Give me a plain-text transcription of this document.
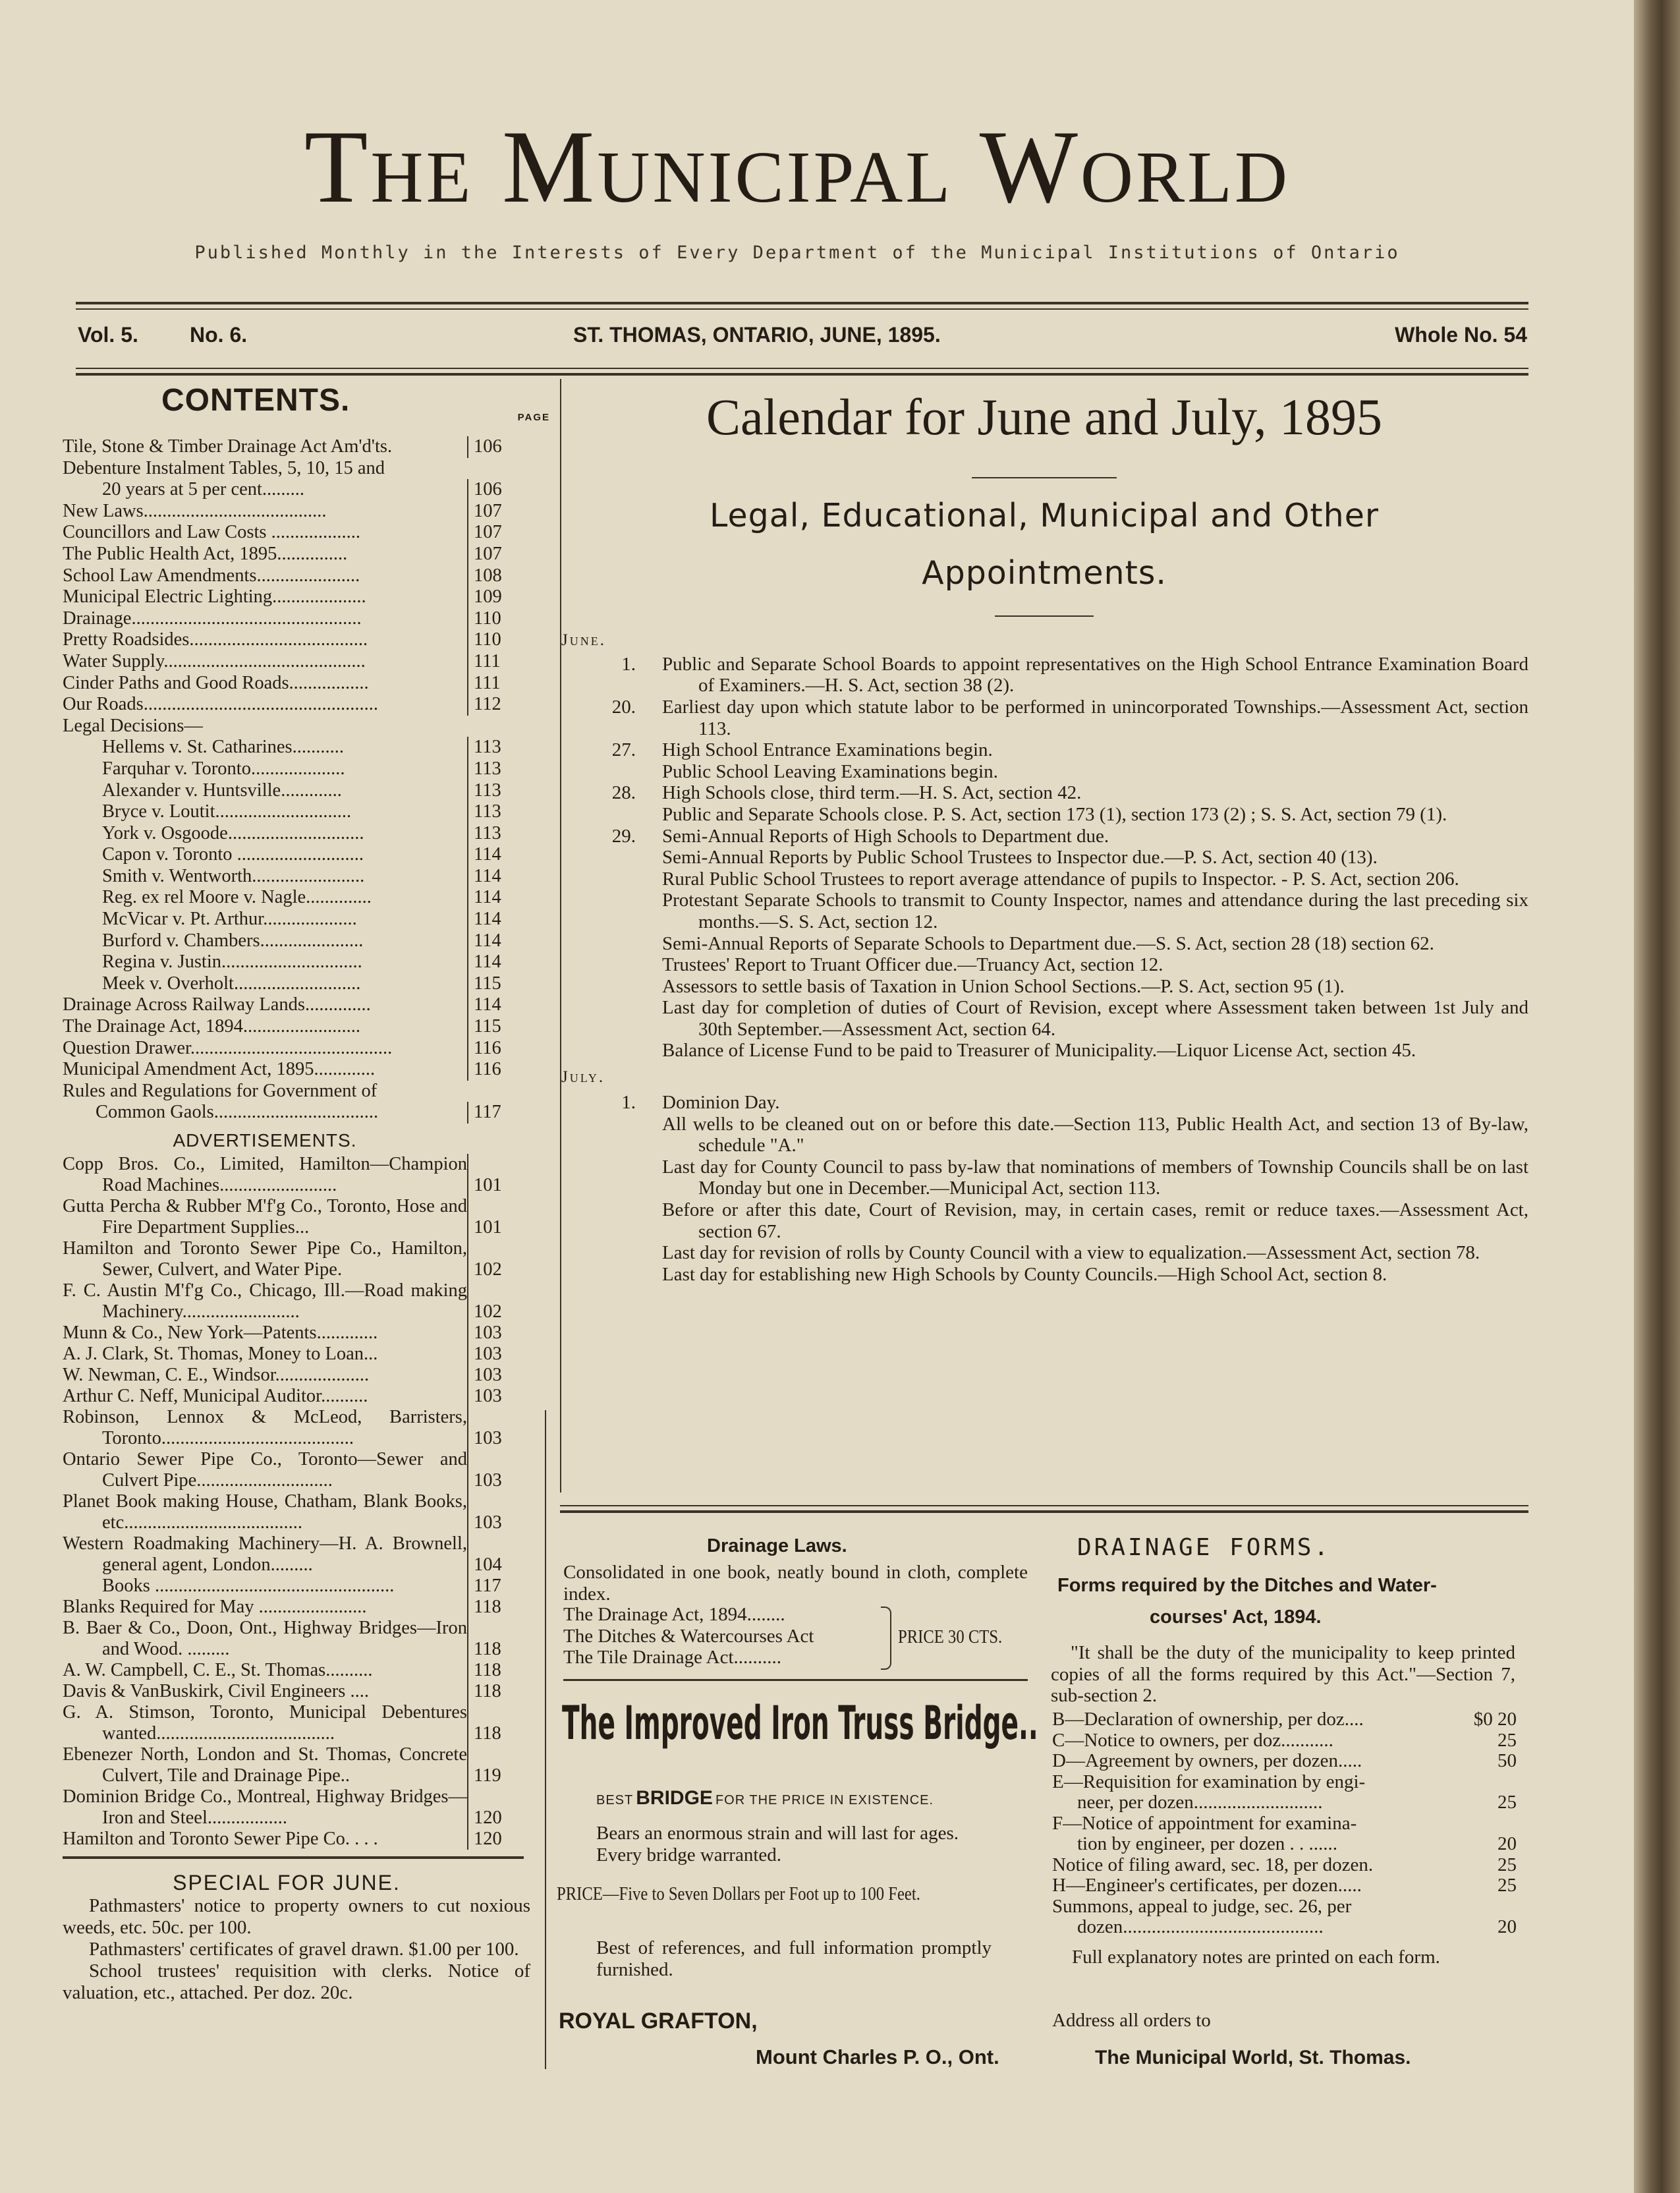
The Municipal World
Published Monthly in the Interests of Every Department of the Municipal Institutions of Ontario
Vol. 5. No. 6.	ST. THOMAS, ONTARIO, JUNE, 1895.	Whole No. 54
CONTENTS.	PAGE
Tile, Stone & Timber Drainage Act Am'd'ts.	106
Debenture Instalment Tables, 5, 10, 15 and
20 years at 5 per cent.........	106
New Laws.......................................	107
Councillors and Law Costs ...................	107
The Public Health Act, 1895...............	107
School Law Amendments......................	108
Municipal Electric Lighting....................	109
Drainage.................................................	110
Pretty Roadsides......................................	110
Water Supply...........................................	111
Cinder Paths and Good Roads.................	111
Our Roads..................................................	112
Legal Decisions—
Hellems v. St. Catharines...........	113
Farquhar v. Toronto....................	113
Alexander v. Huntsville.............	113
Bryce v. Loutit.............................	113
York v. Osgoode.............................	113
Capon v. Toronto ...........................	114
Smith v. Wentworth........................	114
Reg. ex rel Moore v. Nagle..............	114
McVicar v. Pt. Arthur....................	114
Burford v. Chambers......................	114
Regina v. Justin..............................	114
Meek v. Overholt...........................	115
Drainage Across Railway Lands..............	114
The Drainage Act, 1894.........................	115
Question Drawer...........................................	116
Municipal Amendment Act, 1895.............	116
Rules and Regulations for Government of
Common Gaols...................................	117
ADVERTISEMENTS.
Copp Bros. Co., Limited, Hamilton—Champion Road Machines.........................	101
Gutta Percha & Rubber M'f'g Co., Toronto, Hose and Fire Department Supplies...	101
Hamilton and Toronto Sewer Pipe Co., Hamilton, Sewer, Culvert, and Water Pipe.	102
F. C. Austin M'f'g Co., Chicago, Ill.—Road making Machinery.........................	102
Munn & Co., New York—Patents.............	103
A. J. Clark, St. Thomas, Money to Loan...	103
W. Newman, C. E., Windsor....................	103
Arthur C. Neff, Municipal Auditor..........	103
Robinson, Lennox & McLeod, Barristers, Toronto.........................................	103
Ontario Sewer Pipe Co., Toronto—Sewer and Culvert Pipe.............................	103
Planet Book making House, Chatham, Blank Books, etc......................................	103
Western Roadmaking Machinery—H. A. Brownell, general agent, London.........	104
Books ...................................................	117
Blanks Required for May .......................	118
B. Baer & Co., Doon, Ont., Highway Bridges—Iron and Wood. .........	118
A. W. Campbell, C. E., St. Thomas..........	118
Davis & VanBuskirk, Civil Engineers ....	118
G. A. Stimson, Toronto, Municipal Debentures wanted......................................	118
Ebenezer North, London and St. Thomas, Concrete Culvert, Tile and Drainage Pipe..	119
Dominion Bridge Co., Montreal, Highway Bridges—Iron and Steel.................	120
Hamilton and Toronto Sewer Pipe Co. . . .	120
SPECIAL FOR JUNE.
Pathmasters' notice to property owners to cut noxious weeds, etc. 50c. per 100.
Pathmasters' certificates of gravel drawn. $1.00 per 100.
School trustees' requisition with clerks. Notice of valuation, etc., attached. Per doz. 20c.
Calendar for June and July, 1895
Legal, Educational, Municipal and Other
Appointments.
June.
1. Public and Separate School Boards to appoint representatives on the High School Entrance Examination Board of Examiners.—H. S. Act, section 38 (2).
20. Earliest day upon which statute labor to be performed in unincorporated Townships.—Assessment Act, section 113.
27. High School Entrance Examinations begin.
Public School Leaving Examinations begin.
28. High Schools close, third term.—H. S. Act, section 42.
Public and Separate Schools close. P. S. Act, section 173 (1), section 173 (2) ; S. S. Act, section 79 (1).
29. Semi-Annual Reports of High Schools to Department due.
Semi-Annual Reports by Public School Trustees to Inspector due.—P. S. Act, section 40 (13).
Rural Public School Trustees to report average attendance of pupils to Inspector. - P. S. Act, section 206.
Protestant Separate Schools to transmit to County Inspector, names and attendance during the last preceding six months.—S. S. Act, section 12.
Semi-Annual Reports of Separate Schools to Department due.—S. S. Act, section 28 (18) section 62.
Trustees' Report to Truant Officer due.—Truancy Act, section 12.
Assessors to settle basis of Taxation in Union School Sections.—P. S. Act, section 95 (1).
Last day for completion of duties of Court of Revision, except where Assessment taken between 1st July and 30th September.—Assessment Act, section 64.
Balance of License Fund to be paid to Treasurer of Municipality.—Liquor License Act, section 45.
July.
1. Dominion Day.
All wells to be cleaned out on or before this date.—Section 113, Public Health Act, and section 13 of By-law, schedule "A."
Last day for County Council to pass by-law that nominations of members of Township Councils shall be on last Monday but one in December.—Municipal Act, section 113.
Before or after this date, Court of Revision, may, in certain cases, remit or reduce taxes.—Assessment Act, section 67.
Last day for revision of rolls by County Council with a view to equalization.—Assessment Act, section 78.
Last day for establishing new High Schools by County Councils.—High School Act, section 8.
Drainage Laws.
Consolidated in one book, neatly bound in cloth, complete index.
The Drainage Act, 1894........
The Ditches & Watercourses Act
The Tile Drainage Act..........
PRICE 30 CTS.
The Improved Iron Truss Bridge..
BEST BRIDGE FOR THE PRICE IN EXISTENCE.
Bears an enormous strain and will last for ages. Every bridge warranted.
PRICE—Five to Seven Dollars per Foot up to 100 Feet.
Best of references, and full information promptly furnished.
ROYAL GRAFTON,
Mount Charles P. O., Ont.
DRAINAGE FORMS.
Forms required by the Ditches and Water-
courses' Act, 1894.
"It shall be the duty of the municipality to keep printed copies of all the forms required by this Act."—Section 7, sub-section 2.
B—Declaration of ownership, per doz....	$0 20
C—Notice to owners, per doz...........	25
D—Agreement by owners, per dozen.....	50
E—Requisition for examination by engi-
neer, per dozen...........................	25
F—Notice of appointment for examina-
tion by engineer, per dozen . . ......	20
Notice of filing award, sec. 18, per dozen.	25
H—Engineer's certificates, per dozen.....	25
Summons, appeal to judge, sec. 26, per
dozen..........................................	20
Full explanatory notes are printed on each form.
Address all orders to
The Municipal World, St. Thomas.
